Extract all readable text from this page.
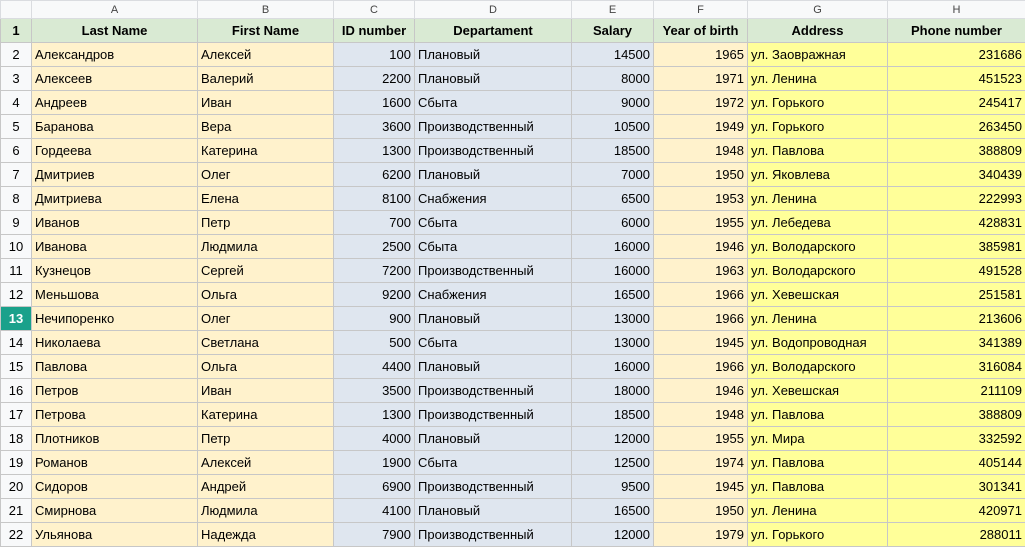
	A	B	C	D	E	F	G	H
1	Last Name	First Name	ID number	Departament	Salary	Year of birth	Address	Phone number
2	Александров	Алексей	100	Плановый	14500	1965	ул. Заовражная	231686
3	Алексеев	Валерий	2200	Плановый	8000	1971	ул. Ленина	451523
4	Андреев	Иван	1600	Сбыта	9000	1972	ул. Горького	245417
5	Баранова	Вера	3600	Производственный	10500	1949	ул. Горького	263450
6	Гордеева	Катерина	1300	Производственный	18500	1948	ул. Павлова	388809
7	Дмитриев	Олег	6200	Плановый	7000	1950	ул. Яковлева	340439
8	Дмитриева	Елена	8100	Снабжения	6500	1953	ул. Ленина	222993
9	Иванов	Петр	700	Сбыта	6000	1955	ул. Лебедева	428831
10	Иванова	Людмила	2500	Сбыта	16000	1946	ул. Володарского	385981
11	Кузнецов	Сергей	7200	Производственный	16000	1963	ул. Володарского	491528
12	Меньшова	Ольга	9200	Снабжения	16500	1966	ул. Хевешская	251581
13	Нечипоренко	Олег	900	Плановый	13000	1966	ул. Ленина	213606
14	Николаева	Светлана	500	Сбыта	13000	1945	ул. Водопроводная	341389
15	Павлова	Ольга	4400	Плановый	16000	1966	ул. Володарского	316084
16	Петров	Иван	3500	Производственный	18000	1946	ул. Хевешская	211109
17	Петрова	Катерина	1300	Производственный	18500	1948	ул. Павлова	388809
18	Плотников	Петр	4000	Плановый	12000	1955	ул. Мира	332592
19	Романов	Алексей	1900	Сбыта	12500	1974	ул. Павлова	405144
20	Сидоров	Андрей	6900	Производственный	9500	1945	ул. Павлова	301341
21	Смирнова	Людмила	4100	Плановый	16500	1950	ул. Ленина	420971
22	Ульянова	Надежда	7900	Производственный	12000	1979	ул. Горького	288011
